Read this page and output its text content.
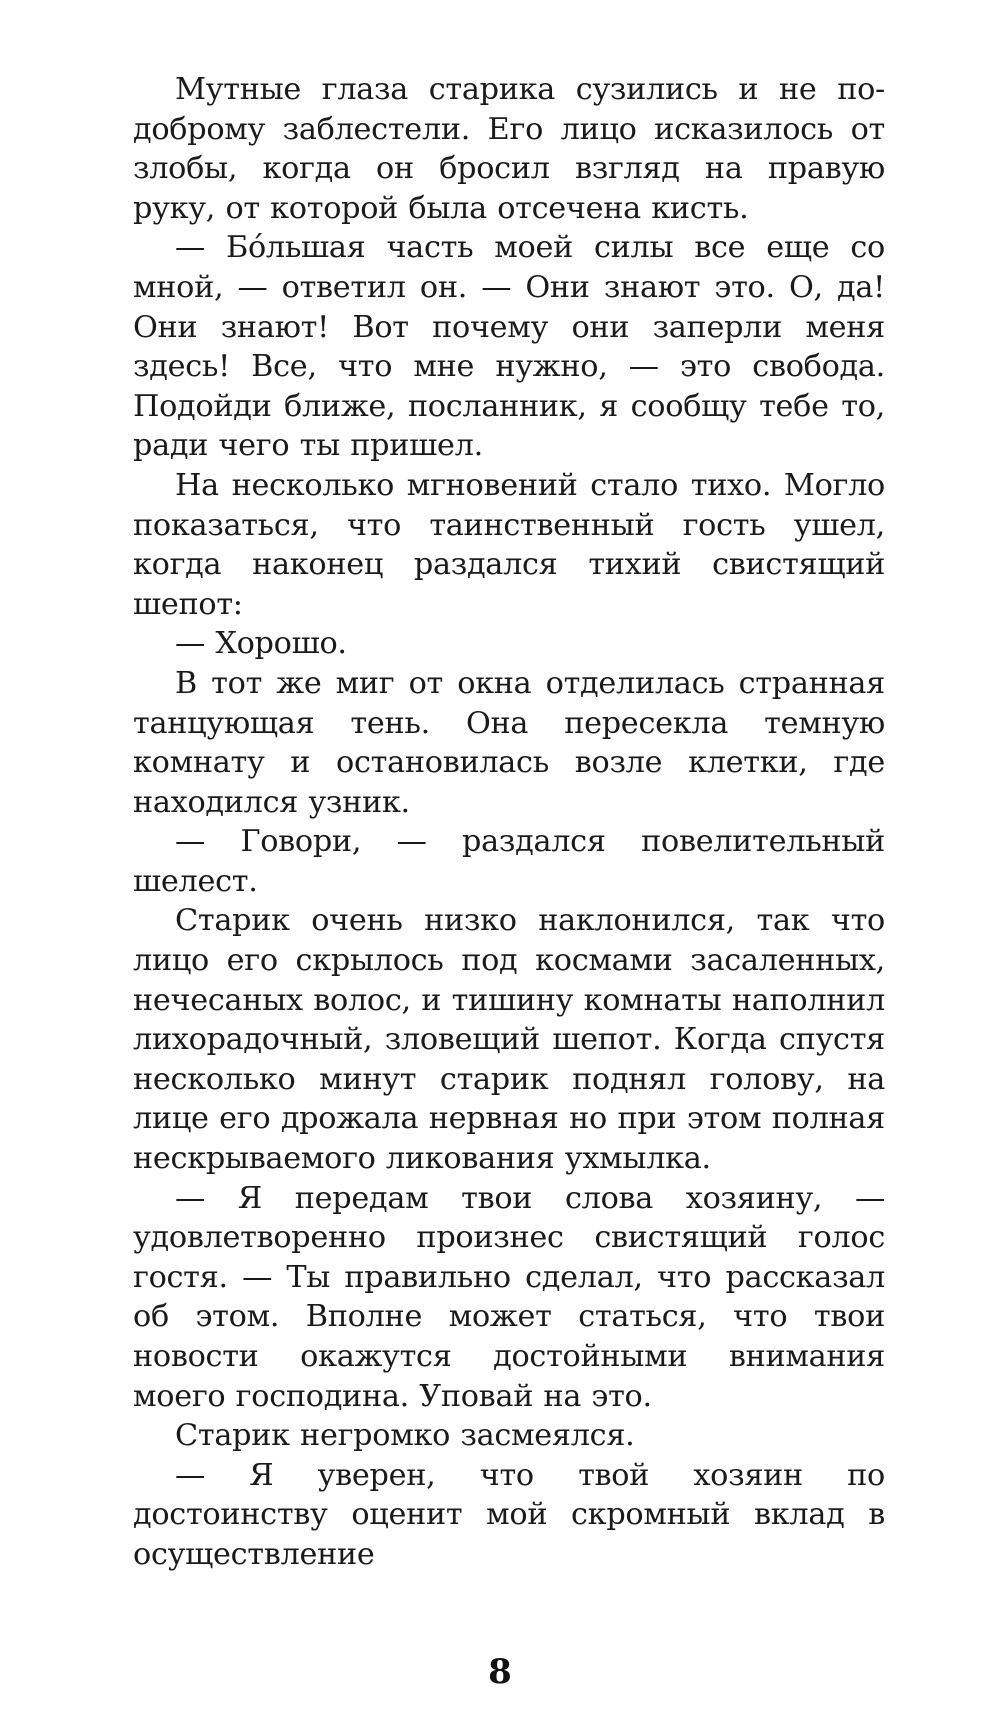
Мутные глаза старика сузились и не по-доброму заблестели. Его лицо исказилось от злобы, когда он бросил взгляд на правую руку, от которой была отсечена кисть.

— Бо́льшая часть моей силы все еще со мной, — ответил он. — Они знают это. О, да! Они знают! Вот почему они заперли меня здесь! Все, что мне нужно, — это свобода. Подойди ближе, посланник, я сообщу тебе то, ради чего ты пришел.

На несколько мгновений стало тихо. Могло показаться, что таинственный гость ушел, когда наконец раздался тихий свистящий шепот:

— Хорошо.

В тот же миг от окна отделилась странная танцующая тень. Она пересекла темную комнату и остановилась возле клетки, где находился узник.

— Говори, — раздался повелительный шелест.

Старик очень низко наклонился, так что лицо его скрылось под космами засаленных, нечесаных волос, и тишину комнаты наполнил лихорадочный, зловещий шепот. Когда спустя несколько минут старик поднял голову, на лице его дрожала нервная но при этом полная нескрываемого ликования ухмылка.

— Я передам твои слова хозяину, — удовлетворенно произнес свистящий голос гостя. — Ты правильно сделал, что рассказал об этом. Вполне может статься, что твои новости окажутся достойными внимания моего господина. Уповай на это.

Старик негромко засмеялся.

— Я уверен, что твой хозяин по достоинству оценит мой скромный вклад в осуществление

8
